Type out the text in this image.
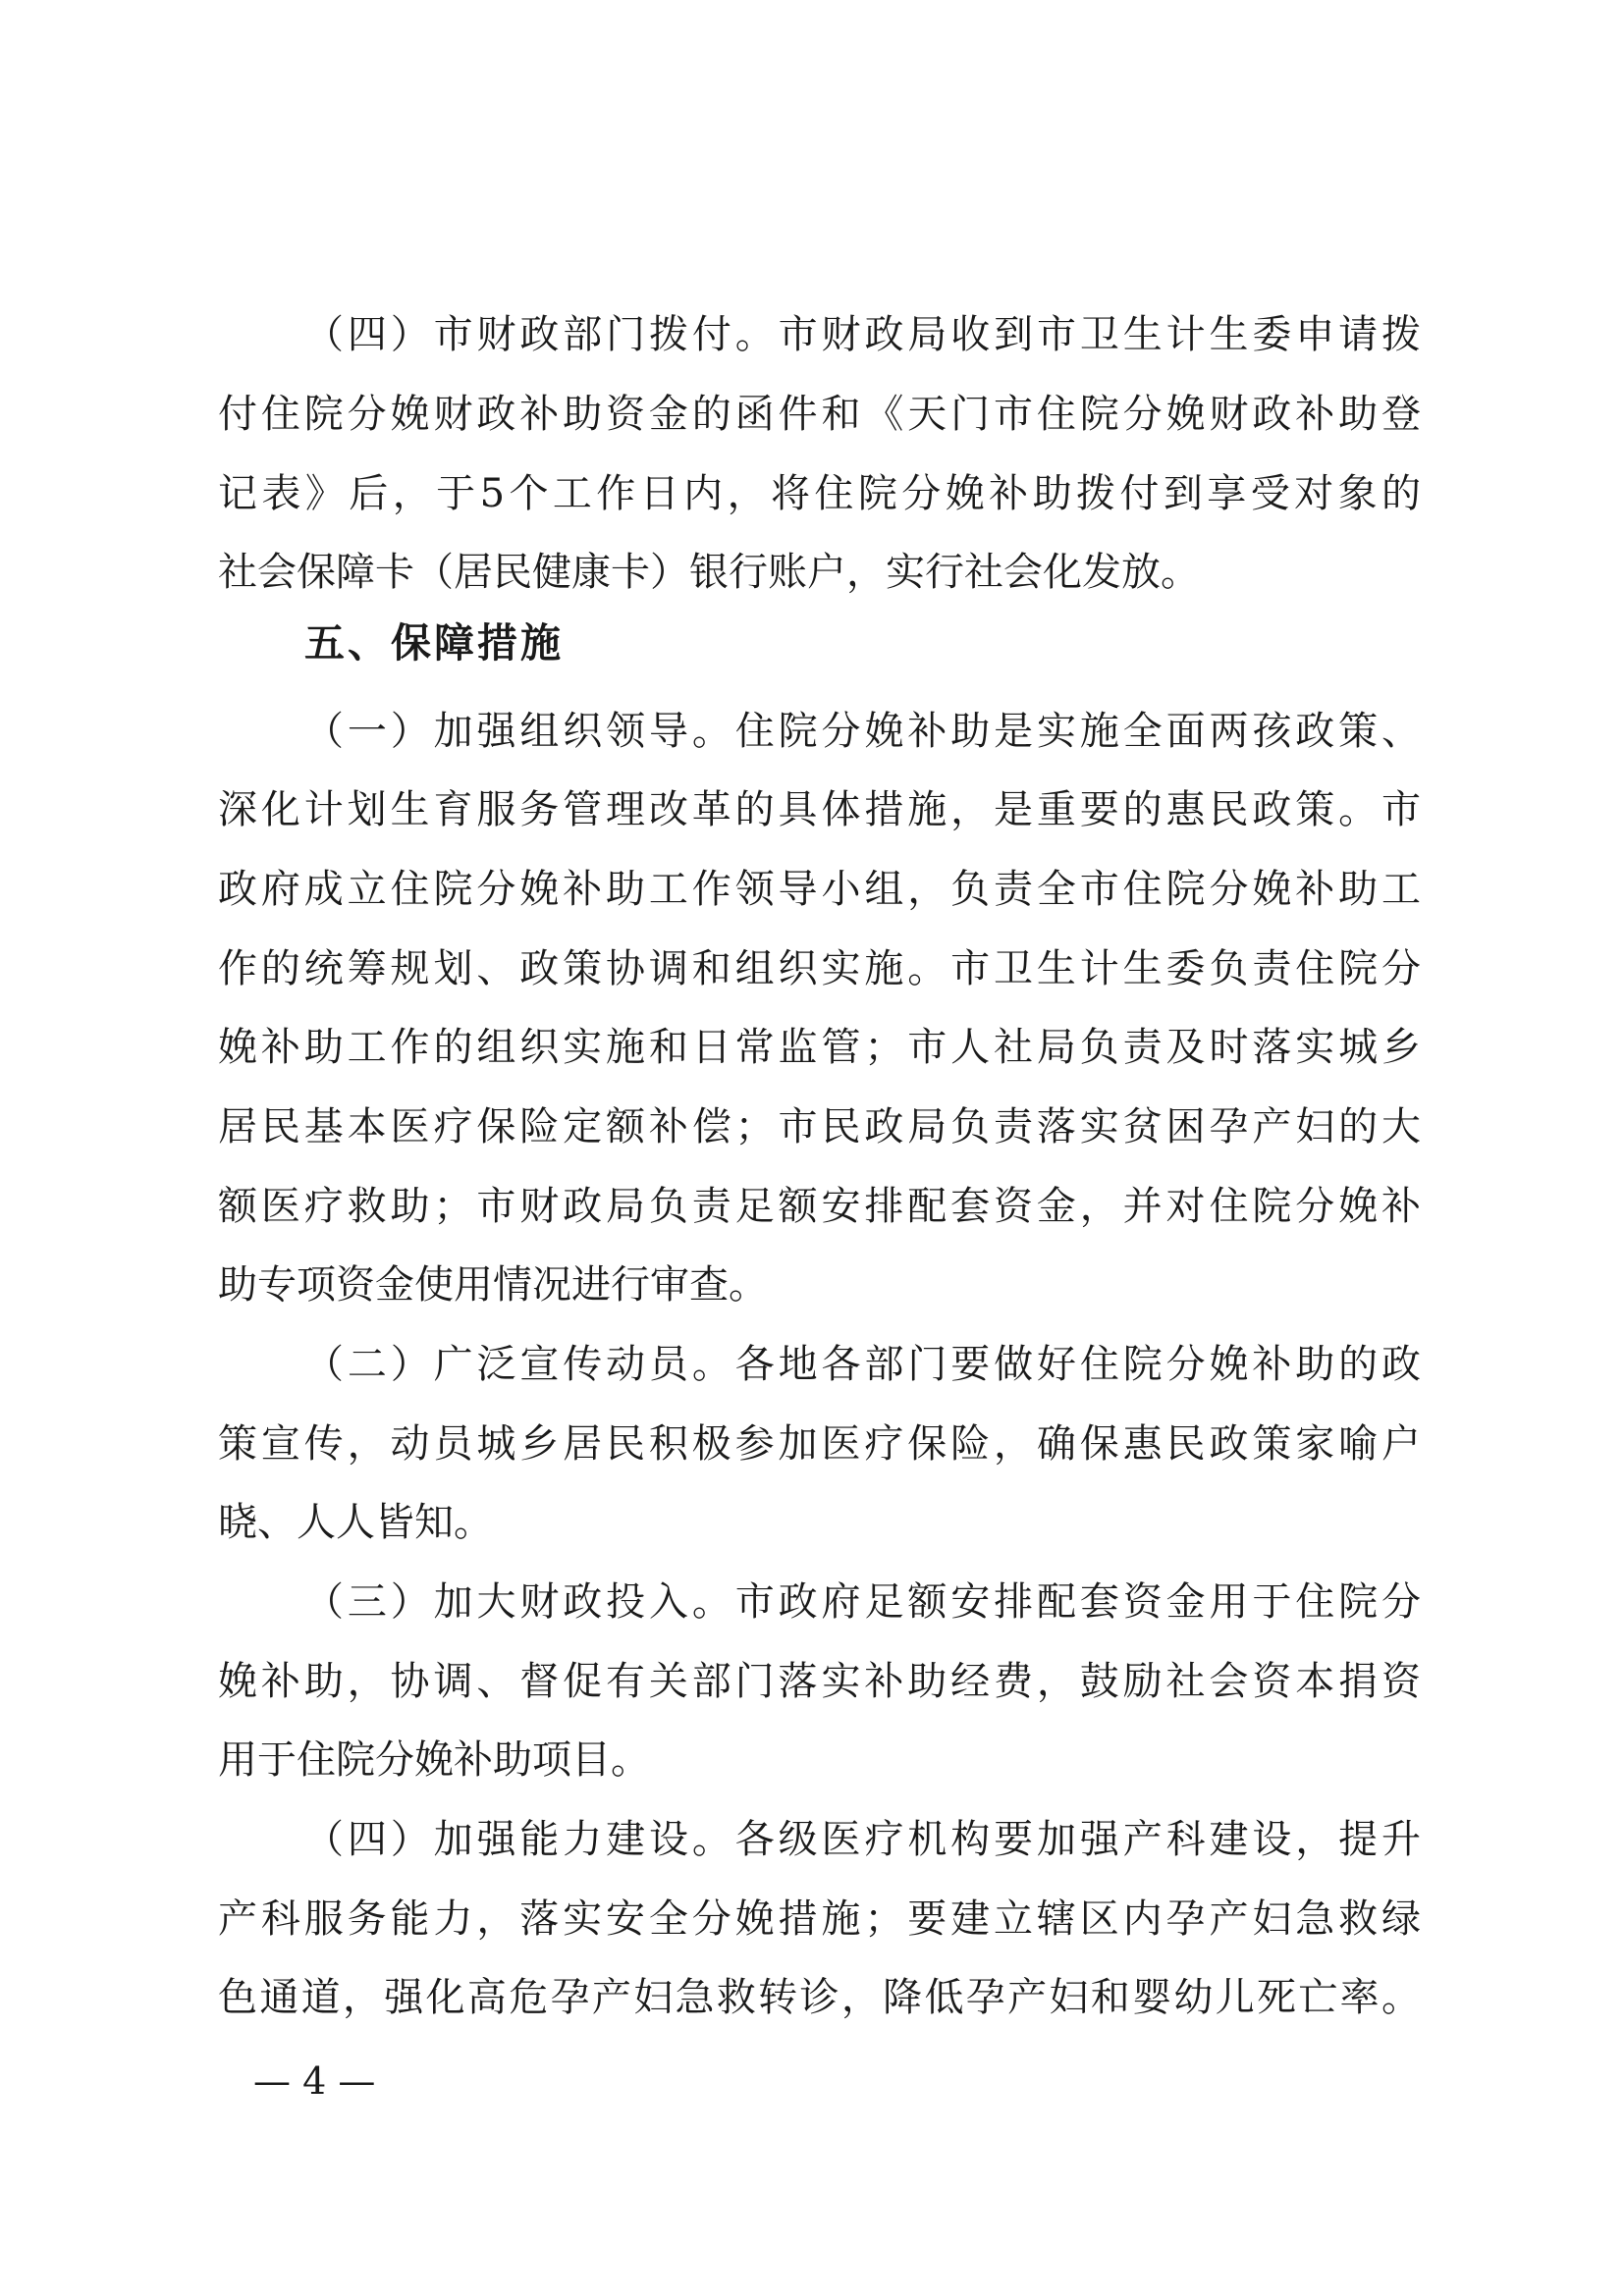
（四）市财政部门拨付。市财政局收到市卫生计生委申请拨
付住院分娩财政补助资金的函件和《天门市住院分娩财政补助登
记表》后，于5个工作日内，将住院分娩补助拨付到享受对象的
社会保障卡（居民健康卡）银行账户，实行社会化发放。
五、保障措施
（一）加强组织领导。住院分娩补助是实施全面两孩政策、
深化计划生育服务管理改革的具体措施，是重要的惠民政策。市
政府成立住院分娩补助工作领导小组，负责全市住院分娩补助工
作的统筹规划、政策协调和组织实施。市卫生计生委负责住院分
娩补助工作的组织实施和日常监管；市人社局负责及时落实城乡
居民基本医疗保险定额补偿；市民政局负责落实贫困孕产妇的大
额医疗救助；市财政局负责足额安排配套资金，并对住院分娩补
助专项资金使用情况进行审查。
（二）广泛宣传动员。各地各部门要做好住院分娩补助的政
策宣传，动员城乡居民积极参加医疗保险，确保惠民政策家喻户
晓、人人皆知。
（三）加大财政投入。市政府足额安排配套资金用于住院分
娩补助，协调、督促有关部门落实补助经费，鼓励社会资本捐资
用于住院分娩补助项目。
（四）加强能力建设。各级医疗机构要加强产科建设，提升
产科服务能力，落实安全分娩措施；要建立辖区内孕产妇急救绿
色通道，强化高危孕产妇急救转诊，降低孕产妇和婴幼儿死亡率。
— 4 —
